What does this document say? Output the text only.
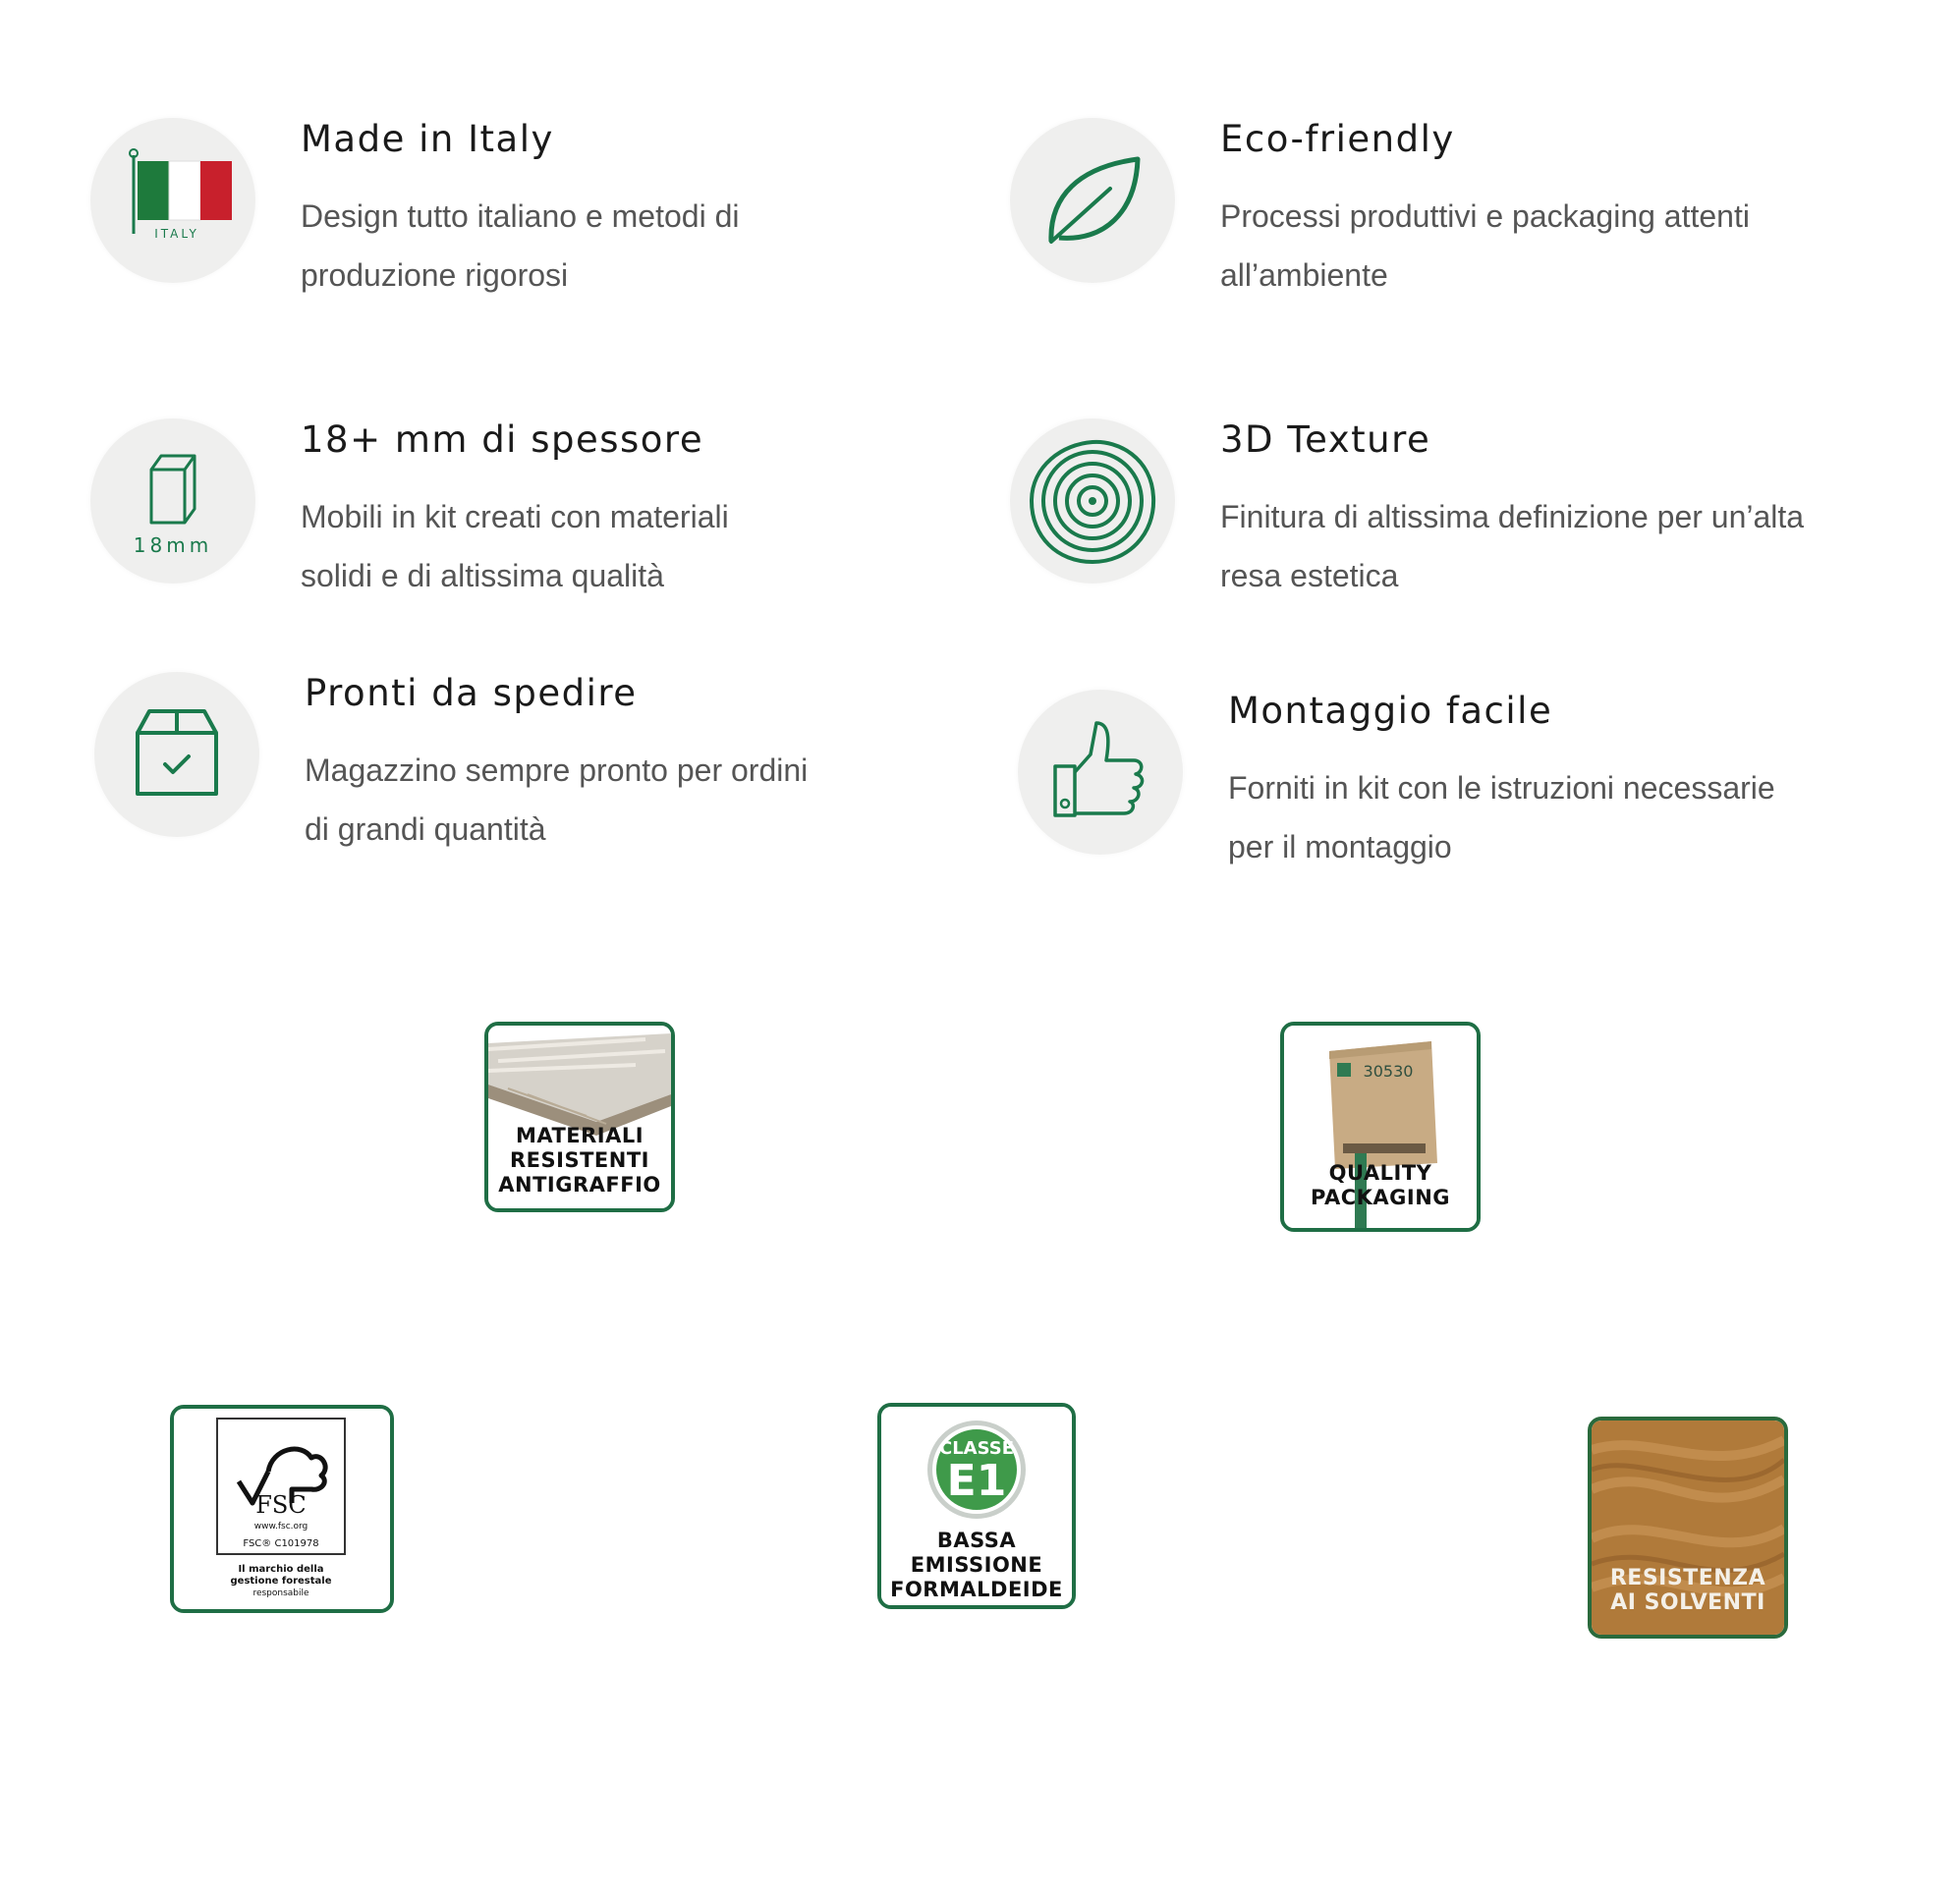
ITALY
Made in Italy
Design tutto italiano e metodi di produzione rigorosi
Eco-friendly
Processi produttivi e packaging attenti all’ambiente
18mm
18+ mm di spessore
Mobili in kit creati con materiali solidi e di altissima qualità
3D Texture
Finitura di altissima definizione per un’alta resa estetica
Pronti da spedire
Magazzino sempre pronto per ordini di grandi quantità
Montaggio facile
Forniti in kit con le istruzioni necessarie per il montaggio
MATERIALI
RESISTENTI
ANTIGRAFFIO
30530
QUALITY
PACKAGING
FSC
www.fsc.org
FSC® C101978
Il marchio della
gestione forestale
responsabile
CLASSE
E1
BASSA
EMISSIONE
FORMALDEIDE	RESISTENZA
AI SOLVENTI
